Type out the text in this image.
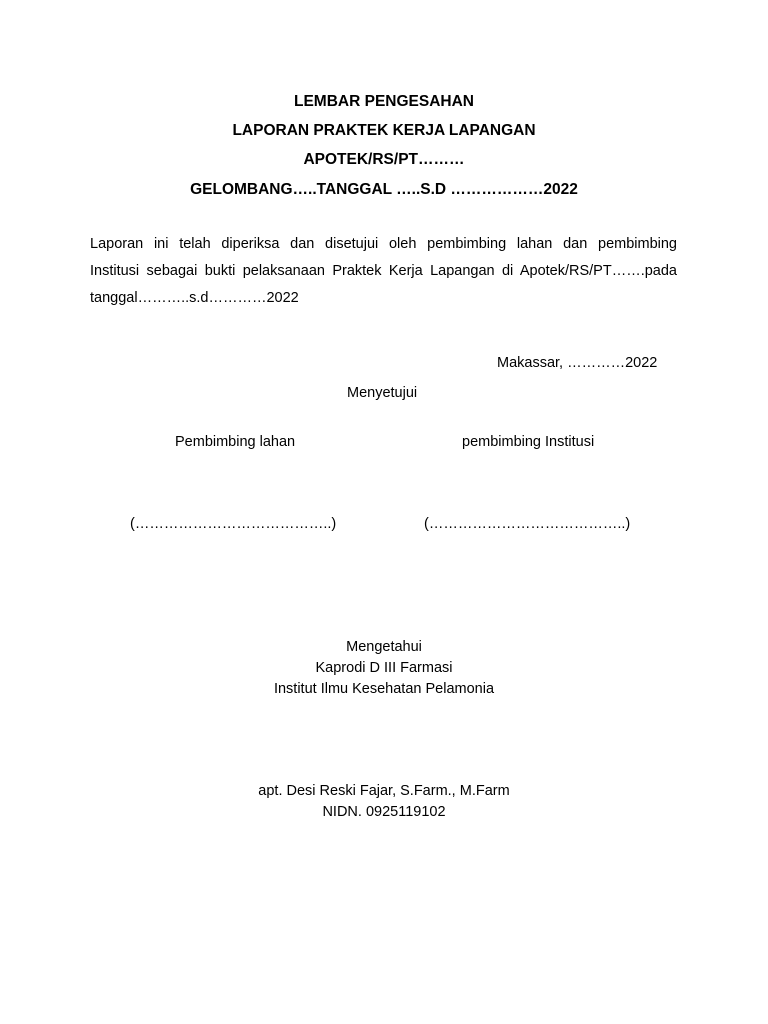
LEMBAR PENGESAHAN
LAPORAN PRAKTEK KERJA LAPANGAN
APOTEK/RS/PT………
GELOMBANG…..TANGGAL …..S.D ………………2022
Laporan ini telah diperiksa dan disetujui oleh pembimbing lahan dan pembimbing
Institusi sebagai bukti pelaksanaan Praktek Kerja Lapangan di Apotek/RS/PT…….pada
tanggal………..s.d…………2022
Makassar, …………2022
Menyetujui
Pembimbing lahan	pembimbing Institusi
(…………………………………..)	(…………………………………..)
Mengetahui
Kaprodi D III Farmasi
Institut Ilmu Kesehatan Pelamonia
apt. Desi Reski Fajar, S.Farm., M.Farm
NIDN. 0925119102
